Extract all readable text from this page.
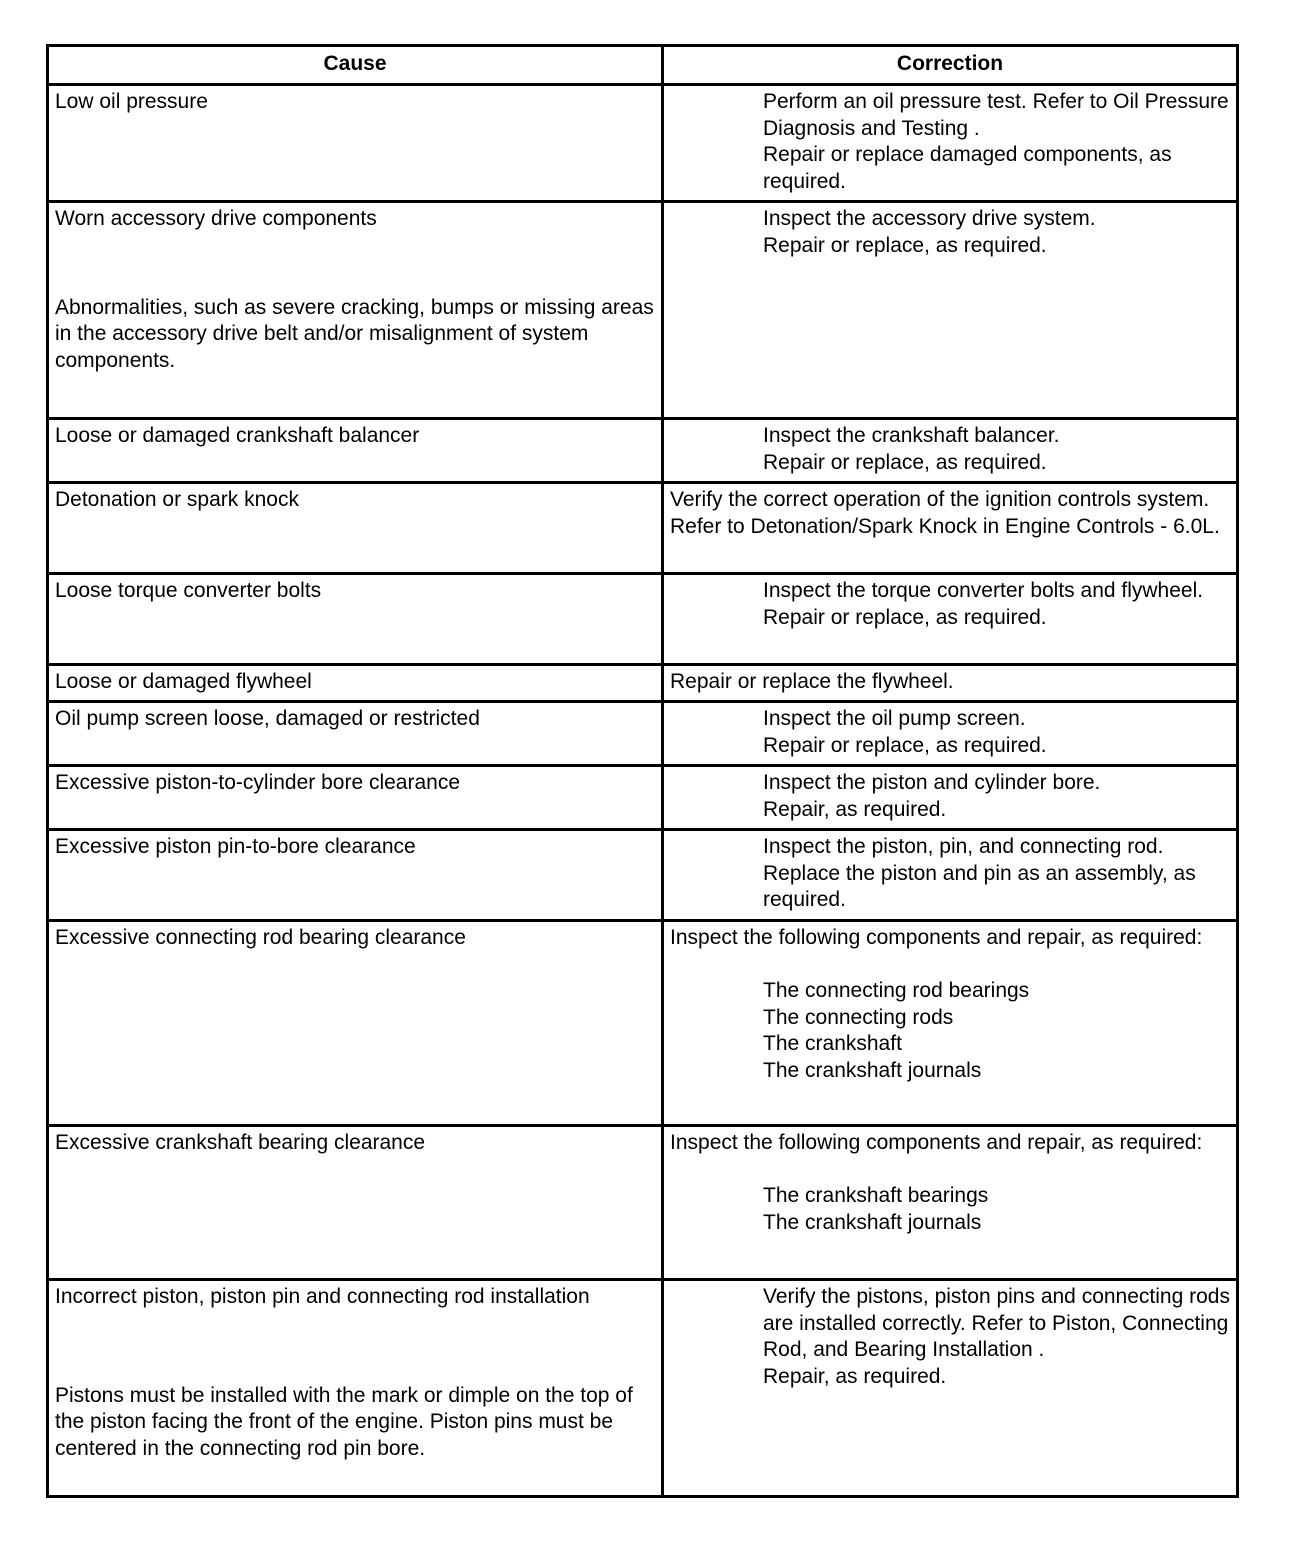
Cause	Correction

Low oil pressure	Perform an oil pressure test. Refer to Oil Pressure Diagnosis and Testing .
Repair or replace damaged components, as required.

Worn accessory drive components
Abnormalities, such as severe cracking, bumps or missing areas in the accessory drive belt and/or misalignment of system components.	Inspect the accessory drive system.
Repair or replace, as required.

Loose or damaged crankshaft balancer	Inspect the crankshaft balancer.
Repair or replace, as required.

Detonation or spark knock	Verify the correct operation of the ignition controls system. Refer to Detonation/Spark Knock in Engine Controls - 6.0L.

Loose torque converter bolts	Inspect the torque converter bolts and flywheel.
Repair or replace, as required.

Loose or damaged flywheel	Repair or replace the flywheel.

Oil pump screen loose, damaged or restricted	Inspect the oil pump screen.
Repair or replace, as required.

Excessive piston-to-cylinder bore clearance	Inspect the piston and cylinder bore.
Repair, as required.

Excessive piston pin-to-bore clearance	Inspect the piston, pin, and connecting rod.
Replace the piston and pin as an assembly, as required.

Excessive connecting rod bearing clearance	Inspect the following components and repair, as required:
The connecting rod bearings
The connecting rods
The crankshaft
The crankshaft journals

Excessive crankshaft bearing clearance	Inspect the following components and repair, as required:
The crankshaft bearings
The crankshaft journals

Incorrect piston, piston pin and connecting rod installation
Pistons must be installed with the mark or dimple on the top of the piston facing the front of the engine. Piston pins must be centered in the connecting rod pin bore.	Verify the pistons, piston pins and connecting rods are installed correctly. Refer to Piston, Connecting Rod, and Bearing Installation .
Repair, as required.
